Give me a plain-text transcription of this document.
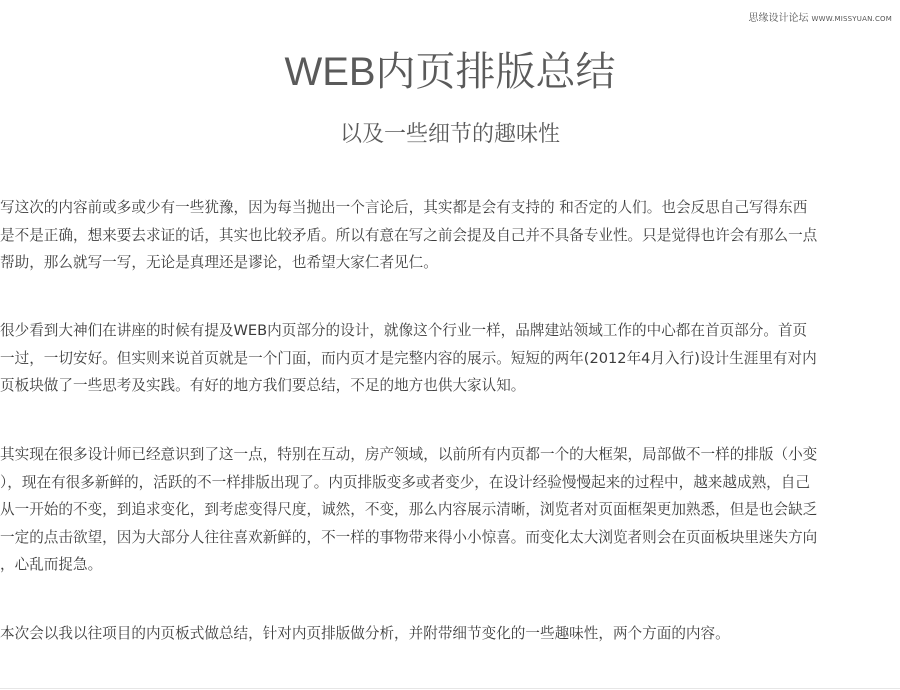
思缘设计论坛 WWW.MISSYUAN.COM
WEB内页排版总结
以及一些细节的趣味性

写这次的内容前或多或少有一些犹豫，因为每当抛出一个言论后，其实都是会有支持的 和否定的人们。也会反思自己写得东西
是不是正确，想来要去求证的话，其实也比较矛盾。所以有意在写之前会提及自己并不具备专业性。只是觉得也许会有那么一点
帮助，那么就写一写，无论是真理还是谬论，也希望大家仁者见仁。

很少看到大神们在讲座的时候有提及WEB内页部分的设计，就像这个行业一样，品牌建站领域工作的中心都在首页部分。首页
一过，一切安好。但实则来说首页就是一个门面，而内页才是完整内容的展示。短短的两年(2012年4月入行)设计生涯里有对内
页板块做了一些思考及实践。有好的地方我们要总结，不足的地方也供大家认知。

其实现在很多设计师已经意识到了这一点，特别在互动，房产领域，以前所有内页都一个的大框架，局部做不一样的排版（小变
），现在有很多新鲜的，活跃的不一样排版出现了。内页排版变多或者变少，在设计经验慢慢起来的过程中，越来越成熟，自己
从一开始的不变，到追求变化，到考虑变得尺度，诚然，不变，那么内容展示清晰，浏览者对页面框架更加熟悉，但是也会缺乏
一定的点击欲望，因为大部分人往往喜欢新鲜的，不一样的事物带来得小小惊喜。而变化太大浏览者则会在页面板块里迷失方向
，心乱而捉急。

本次会以我以往项目的内页板式做总结，针对内页排版做分析，并附带细节变化的一些趣味性，两个方面的内容。
